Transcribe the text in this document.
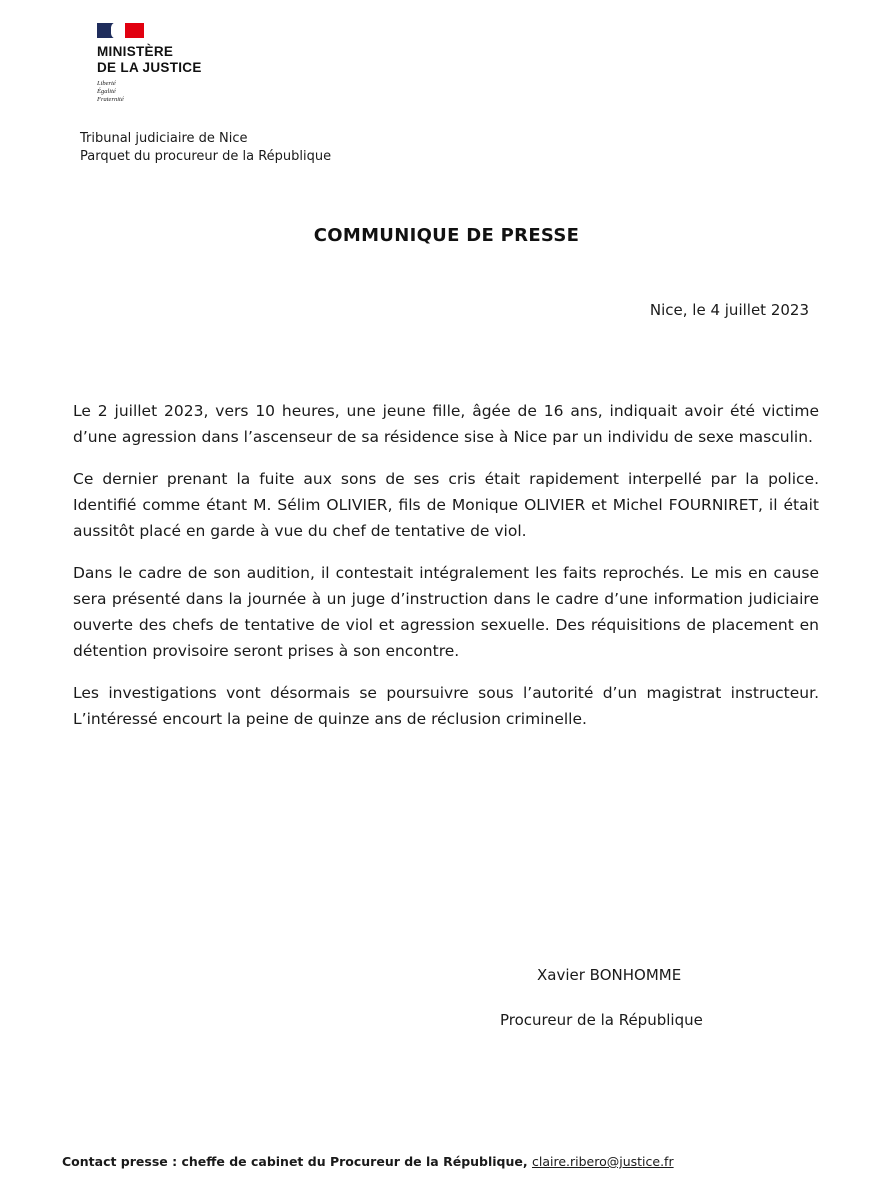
MINISTÈRE
DE LA JUSTICE
Liberté
Égalité
Fraternité
Tribunal judiciaire de Nice
Parquet du procureur de la République
COMMUNIQUE DE PRESSE
Nice, le 4 juillet 2023

Le 2 juillet 2023, vers 10 heures, une jeune fille, âgée de 16 ans, indiquait avoir été victime d’une agression dans l’ascenseur de sa résidence sise à Nice par un individu de sexe masculin.

Ce dernier prenant la fuite aux sons de ses cris était rapidement interpellé par la police. Identifié comme étant M. Sélim OLIVIER, fils de Monique OLIVIER et Michel FOURNIRET, il était aussitôt placé en garde à vue du chef de tentative de viol.

Dans le cadre de son audition, il contestait intégralement les faits reprochés. Le mis en cause sera présenté dans la journée à un juge d’instruction dans le cadre d’une information judiciaire ouverte des chefs de tentative de viol et agression sexuelle. Des réquisitions de placement en détention provisoire seront prises à son encontre.

Les investigations vont désormais se poursuivre sous l’autorité d’un magistrat instructeur. L’intéressé encourt la peine de quinze ans de réclusion criminelle.

Xavier BONHOMME
Procureur de la République
Contact presse : cheffe de cabinet du Procureur de la République, claire.ribero@justice.fr
